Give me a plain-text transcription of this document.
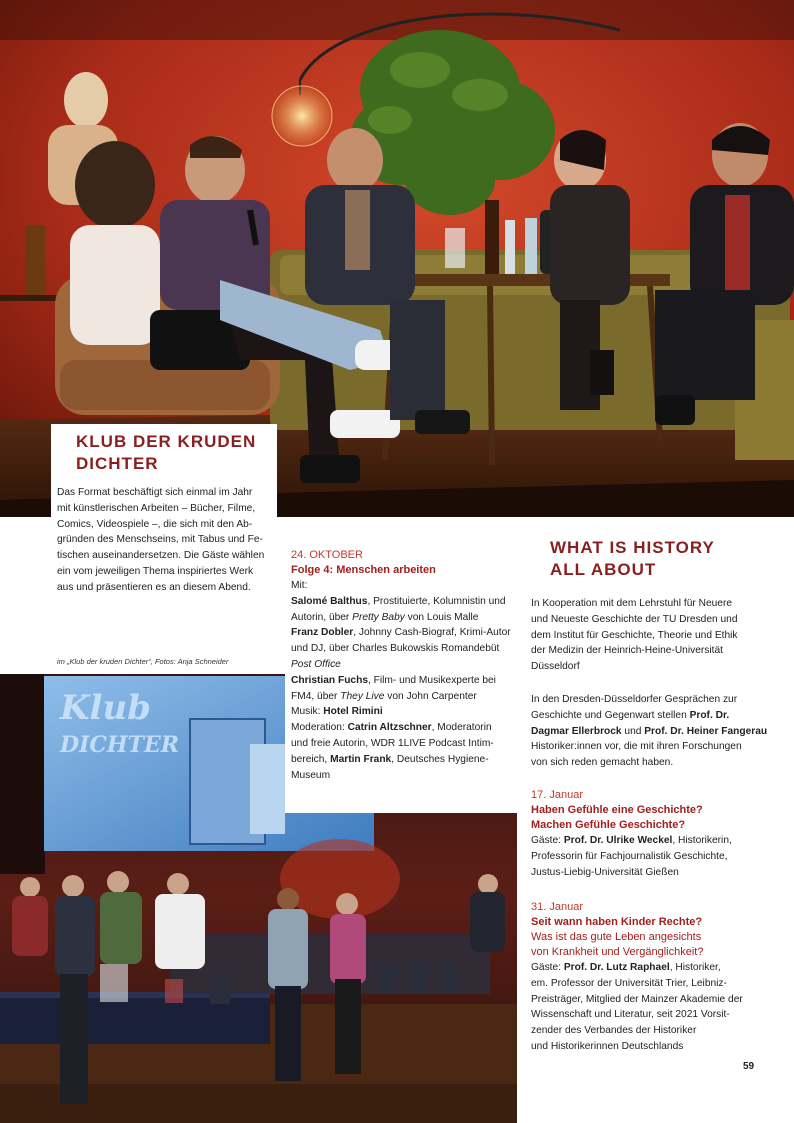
KLUB DER KRUDEN
DICHTER

Das Format beschäftigt sich einmal im Jahr

mit künstlerischen Arbeiten – Bücher, Filme,

Comics, Videospiele –, die sich mit den Ab-

gründen des Menschseins, mit Tabus und Fe-

tischen auseinandersetzen. Die Gäste wählen

ein vom jeweiligen Thema inspiriertes Werk

aus und präsentieren es an diesem Abend.

im „Klub der kruden Dichter“, Fotos: Anja Schneider
Klub
DICHTER
24. OKTOBER
Folge 4: Menschen arbeiten

Mit:

Salomé Balthus, Prostituierte, Kolumnistin und

Autorin, über Pretty Baby von Louis Malle

Franz Dobler, Johnny Cash-Biograf, Krimi-Autor

und DJ, über Charles Bukowskis Romandebüt

Post Office

Christian Fuchs, Film- und Musikexperte bei

FM4, über They Live von John Carpenter

Musik: Hotel Rimini

Moderation: Catrin Altzschner, Moderatorin

und freie Autorin, WDR 1LIVE Podcast Intim-

bereich, Martin Frank, Deutsches Hygiene-

Museum

WHAT IS HISTORY
ALL ABOUT

In Kooperation mit dem Lehrstuhl für Neuere

und Neueste Geschichte der TU Dresden und

dem Institut für Geschichte, Theorie und Ethik

der Medizin der Heinrich-Heine-Universität

Düsseldorf

In den Dresden-Düsseldorfer Gesprächen zur

Geschichte und Gegenwart stellen Prof. Dr.

Dagmar Ellerbrock und Prof. Dr. Heiner Fangerau

Historiker:innen vor, die mit ihren Forschungen

von sich reden gemacht haben.

17. Januar
Haben Gefühle eine Geschichte?
Machen Gefühle Geschichte?

Gäste: Prof. Dr. Ulrike Weckel, Historikerin,

Professorin für Fachjournalistik Geschichte,

Justus-Liebig-Universität Gießen

31. Januar
Seit wann haben Kinder Rechte?
Was ist das gute Leben angesichts
von Krankheit und Vergänglichkeit?

Gäste: Prof. Dr. Lutz Raphael, Historiker,

em. Professor der Universität Trier, Leibniz-

Preisträger, Mitglied der Mainzer Akademie der

Wissenschaft und Literatur, seit 2021 Vorsit-

zender des Verbandes der Historiker

und Historikerinnen Deutschlands

59
